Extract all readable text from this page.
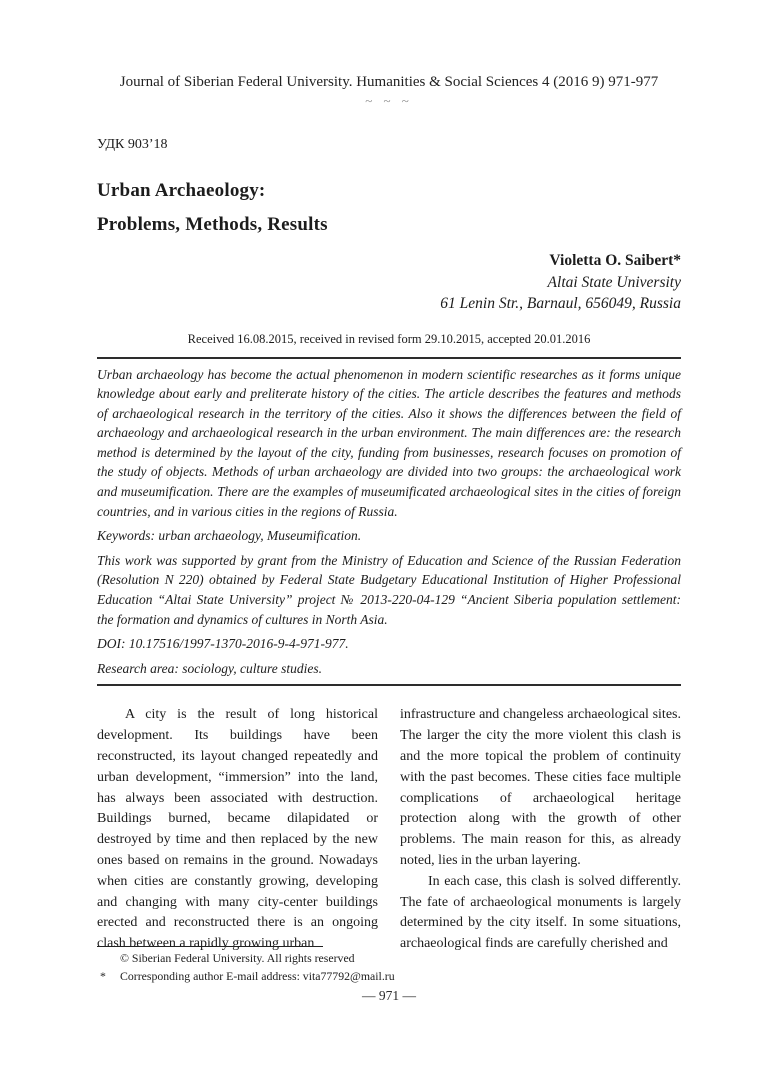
Journal of Siberian Federal University. Humanities & Social Sciences 4 (2016 9) 971-977
~ ~ ~
УДК 903’18
Urban Archaeology:
Problems, Methods, Results
Violetta O. Saibert*
Altai State University
61 Lenin Str., Barnaul, 656049, Russia
Received 16.08.2015, received in revised form 29.10.2015, accepted 20.01.2016
Urban archaeology has become the actual phenomenon in modern scientific researches as it forms unique knowledge about early and preliterate history of the cities. The article describes the features and methods of archaeological research in the territory of the cities. Also it shows the differences between the field of archaeology and archaeological research in the urban environment. The main differences are: the research method is determined by the layout of the city, funding from businesses, research focuses on promotion of the study of objects. Methods of urban archaeology are divided into two groups: the archaeological work and museumification. There are the examples of museumificated archaeological sites in the cities of foreign countries, and in various cities in the regions of Russia.
Keywords: urban archaeology, Museumification.
This work was supported by grant from the Ministry of Education and Science of the Russian Federation (Resolution N 220) obtained by Federal State Budgetary Educational Institution of Higher Professional Education “Altai State University” project № 2013-220-04-129 “Ancient Siberia population settlement: the formation and dynamics of cultures in North Asia.
DOI: 10.17516/1997-1370-2016-9-4-971-977.
Research area: sociology, culture studies.

A city is the result of long historical development. Its buildings have been reconstructed, its layout changed repeatedly and urban development, “immersion” into the land, has always been associated with destruction. Buildings burned, became dilapidated or destroyed by time and then replaced by the new ones based on remains in the ground. Nowadays when cities are constantly growing, developing and changing with many city-center buildings erected and reconstructed there is an ongoing clash between a rapidly growing urban

infrastructure and changeless archaeological sites. The larger the city the more violent this clash is and the more topical the problem of continuity with the past becomes. These cities face multiple complications of archaeological heritage protection along with the growth of other problems. The main reason for this, as already noted, lies in the urban layering.

In each case, this clash is solved differently. The fate of archaeological monuments is largely determined by the city itself. In some situations, archaeological finds are carefully cherished and

© Siberian Federal University. All rights reserved
* Corresponding author E-mail address: vita77792@mail.ru
— 971 —
